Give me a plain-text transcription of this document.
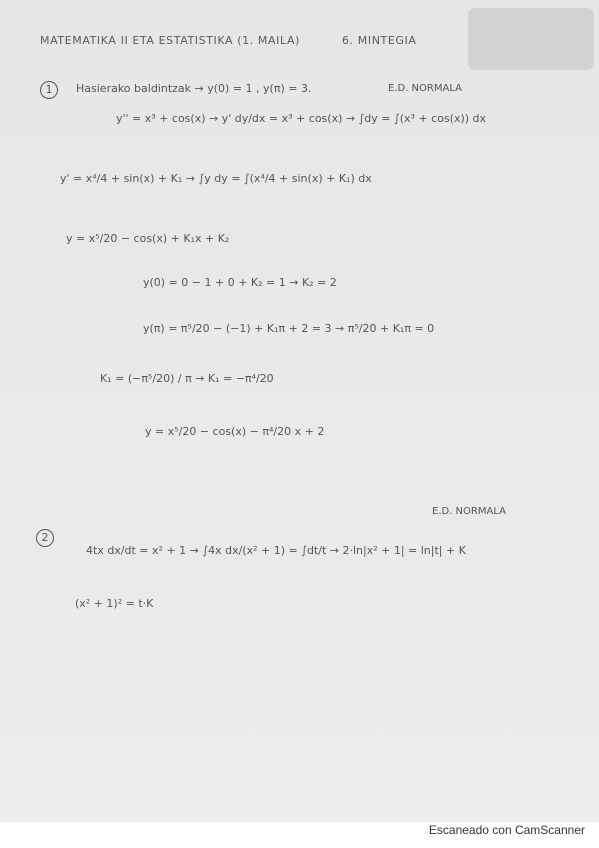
MATEMATIKA II ETA ESTATISTIKA (1. MAILA)	6. MINTEGIA
1	Hasierako baldintzak → y(0) = 1 , y(π) = 3.	E.D. NORMALA
y'' = x³ + cos(x) → y' dy/dx = x³ + cos(x) → ∫dy = ∫(x³ + cos(x)) dx
y' = x⁴/4 + sin(x) + K₁ → ∫y dy = ∫(x⁴/4 + sin(x) + K₁) dx
y = x⁵/20 − cos(x) + K₁x + K₂
y(0) = 0 − 1 + 0 + K₂ = 1 → K₂ = 2
y(π) = π⁵/20 − (−1) + K₁π + 2 = 3 → π⁵/20 + K₁π = 0
K₁ = (−π⁵/20) / π → K₁ = −π⁴/20
y = x⁵/20 − cos(x) − π⁴/20 x + 2
E.D. NORMALA
2
4tx dx/dt = x² + 1 → ∫4x dx/(x² + 1) = ∫dt/t → 2·ln|x² + 1| = ln|t| + K
(x² + 1)² = t·K
Escaneado con CamScanner
